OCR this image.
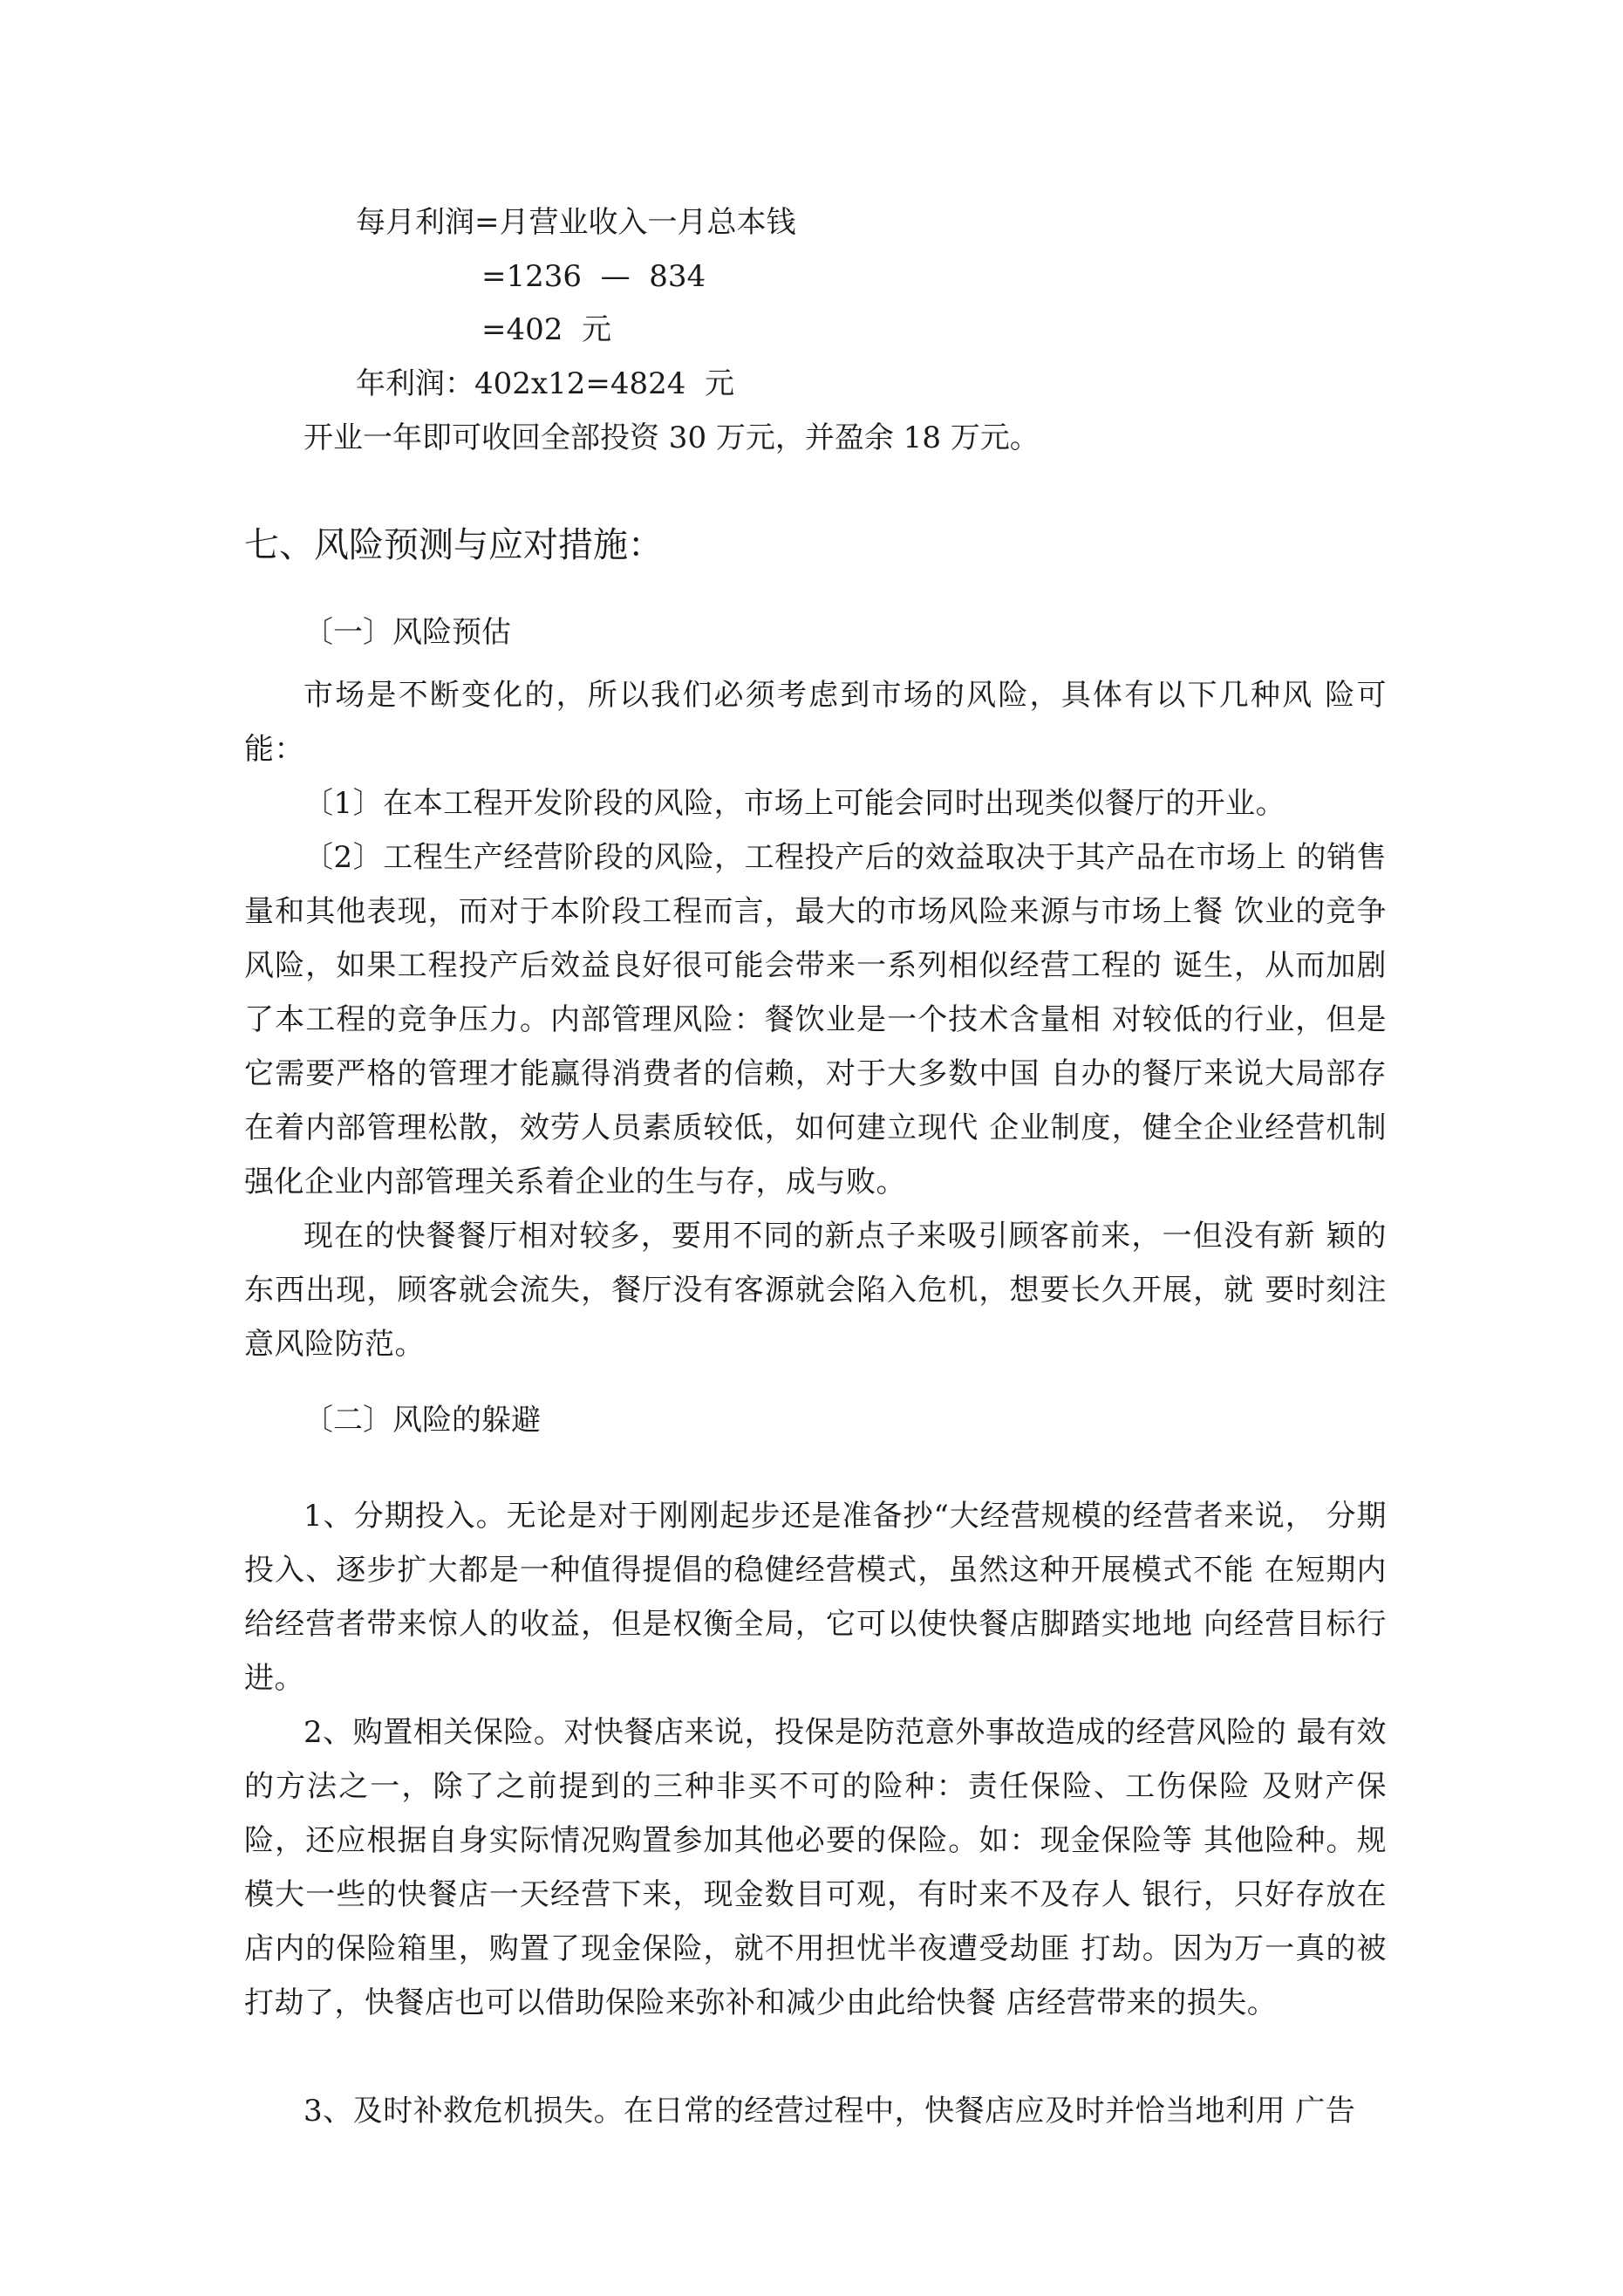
每月利润=月营业收入一月总本钱
=1236  —  834
=402  元
年利润：402x12=4824  元
开业一年即可收回全部投资 30 万元，并盈余 18 万元。
七、风险预测与应对措施：
〔一〕风险预估
市场是不断变化的，所以我们必须考虑到市场的风险，具体有以下几种风 险可能：
〔1〕在本工程开发阶段的风险，市场上可能会同时出现类似餐厅的开业。
〔2〕工程生产经营阶段的风险，工程投产后的效益取决于其产品在市场上 的销售量和其他表现，而对于本阶段工程而言，最大的市场风险来源与市场上餐 饮业的竞争风险，如果工程投产后效益良好很可能会带来一系列相似经营工程的 诞生，从而加剧了本工程的竞争压力。内部管理风险：餐饮业是一个技术含量相 对较低的行业，但是它需要严格的管理才能赢得消费者的信赖，对于大多数中国 自办的餐厅来说大局部存在着内部管理松散，效劳人员素质较低，如何建立现代 企业制度，健全企业经营机制强化企业内部管理关系着企业的生与存，成与败。
现在的快餐餐厅相对较多，要用不同的新点子来吸引顾客前来，一但没有新 颖的东西出现，顾客就会流失，餐厅没有客源就会陷入危机，想要长久开展，就 要时刻注意风险防范。
〔二〕风险的躲避
1、分期投入。无论是对于刚刚起步还是准备抄“大经营规模的经营者来说， 分期投入、逐步扩大都是一种值得提倡的稳健经营模式，虽然这种开展模式不能 在短期内给经营者带来惊人的收益，但是权衡全局，它可以使快餐店脚踏实地地 向经营目标行进。
2、购置相关保险。对快餐店来说，投保是防范意外事故造成的经营风险的 最有效的方法之一，除了之前提到的三种非买不可的险种：责任保险、工伤保险 及财产保险，还应根据自身实际情况购置参加其他必要的保险。如：现金保险等 其他险种。规模大一些的快餐店一天经营下来，现金数目可观，有时来不及存人 银行，只好存放在店内的保险箱里，购置了现金保险，就不用担忧半夜遭受劫匪 打劫。因为万一真的被打劫了，快餐店也可以借助保险来弥补和减少由此给快餐 店经营带来的损失。
3、及时补救危机损失。在日常的经营过程中，快餐店应及时并恰当地利用 广告
